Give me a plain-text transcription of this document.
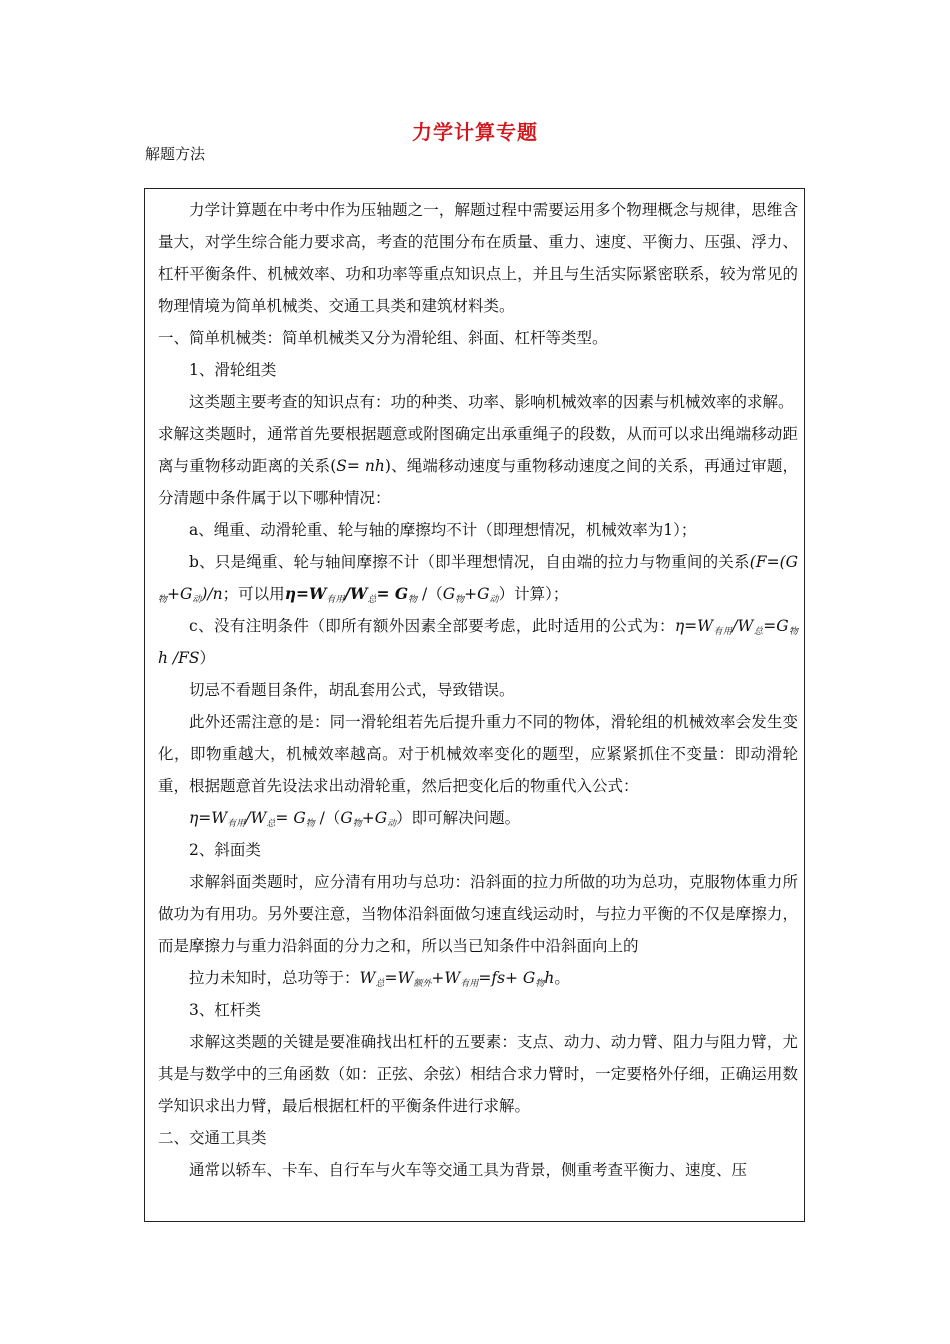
力学计算专题
解题方法

力学计算题在中考中作为压轴题之一，解题过程中需要运用多个物理概念与规律，思维含量大，对学生综合能力要求高，考查的范围分布在质量、重力、速度、平衡力、压强、浮力、杠杆平衡条件、机械效率、功和功率等重点知识点上，并且与生活实际紧密联系，较为常见的物理情境为简单机械类、交通工具类和建筑材料类。

一、简单机械类：简单机械类又分为滑轮组、斜面、杠杆等类型。

1、滑轮组类

这类题主要考查的知识点有：功的种类、功率、影响机械效率的因素与机械效率的求解。

求解这类题时，通常首先要根据题意或附图确定出承重绳子的段数，从而可以求出绳端移动距离与重物移动距离的关系(S= nh)、绳端移动速度与重物移动速度之间的关系，再通过审题，分清题中条件属于以下哪种情况：

a、绳重、动滑轮重、轮与轴的摩擦均不计（即理想情况，机械效率为1）；

b、只是绳重、轮与轴间摩擦不计（即半理想情况，自由端的拉力与物重间的关系($F=(G_物+G_动)/n$；可以用$\eta=W_{有用}/W_总= G_物$ $/(G_物+G_动)$计算）；

c、没有注明条件（即所有额外因素全部要考虑，此时适用的公式为：$\eta=W_{有用}/W_总=G_物$ h /FS）

切忌不看题目条件，胡乱套用公式，导致错误。

此外还需注意的是：同一滑轮组若先后提升重力不同的物体，滑轮组的机械效率会发生变化，即物重越大，机械效率越高。对于机械效率变化的题型，应紧紧抓住不变量：即动滑轮重，根据题意首先设法求出动滑轮重，然后把变化后的物重代入公式：

$\eta=W_{有用}/W_总= G_物$ $/(G_物+G_动)$即可解决问题。

2、斜面类

求解斜面类题时，应分清有用功与总功：沿斜面的拉力所做的功为总功，克服物体重力所做功为有用功。另外要注意，当物体沿斜面做匀速直线运动时，与拉力平衡的不仅是摩擦力，而是摩擦力与重力沿斜面的分力之和，所以当已知条件中沿斜面向上的

拉力未知时，总功等于：$W_总=W_{额外}+W_{有用}=fs+ G_物h$。

3、杠杆类

求解这类题的关键是要准确找出杠杆的五要素：支点、动力、动力臂、阻力与阻力臂，尤其是与数学中的三角函数（如：正弦、余弦）相结合求力臂时，一定要格外仔细，正确运用数学知识求出力臂，最后根据杠杆的平衡条件进行求解。

二、交通工具类

通常以轿车、卡车、自行车与火车等交通工具为背景，侧重考查平衡力、速度、压
